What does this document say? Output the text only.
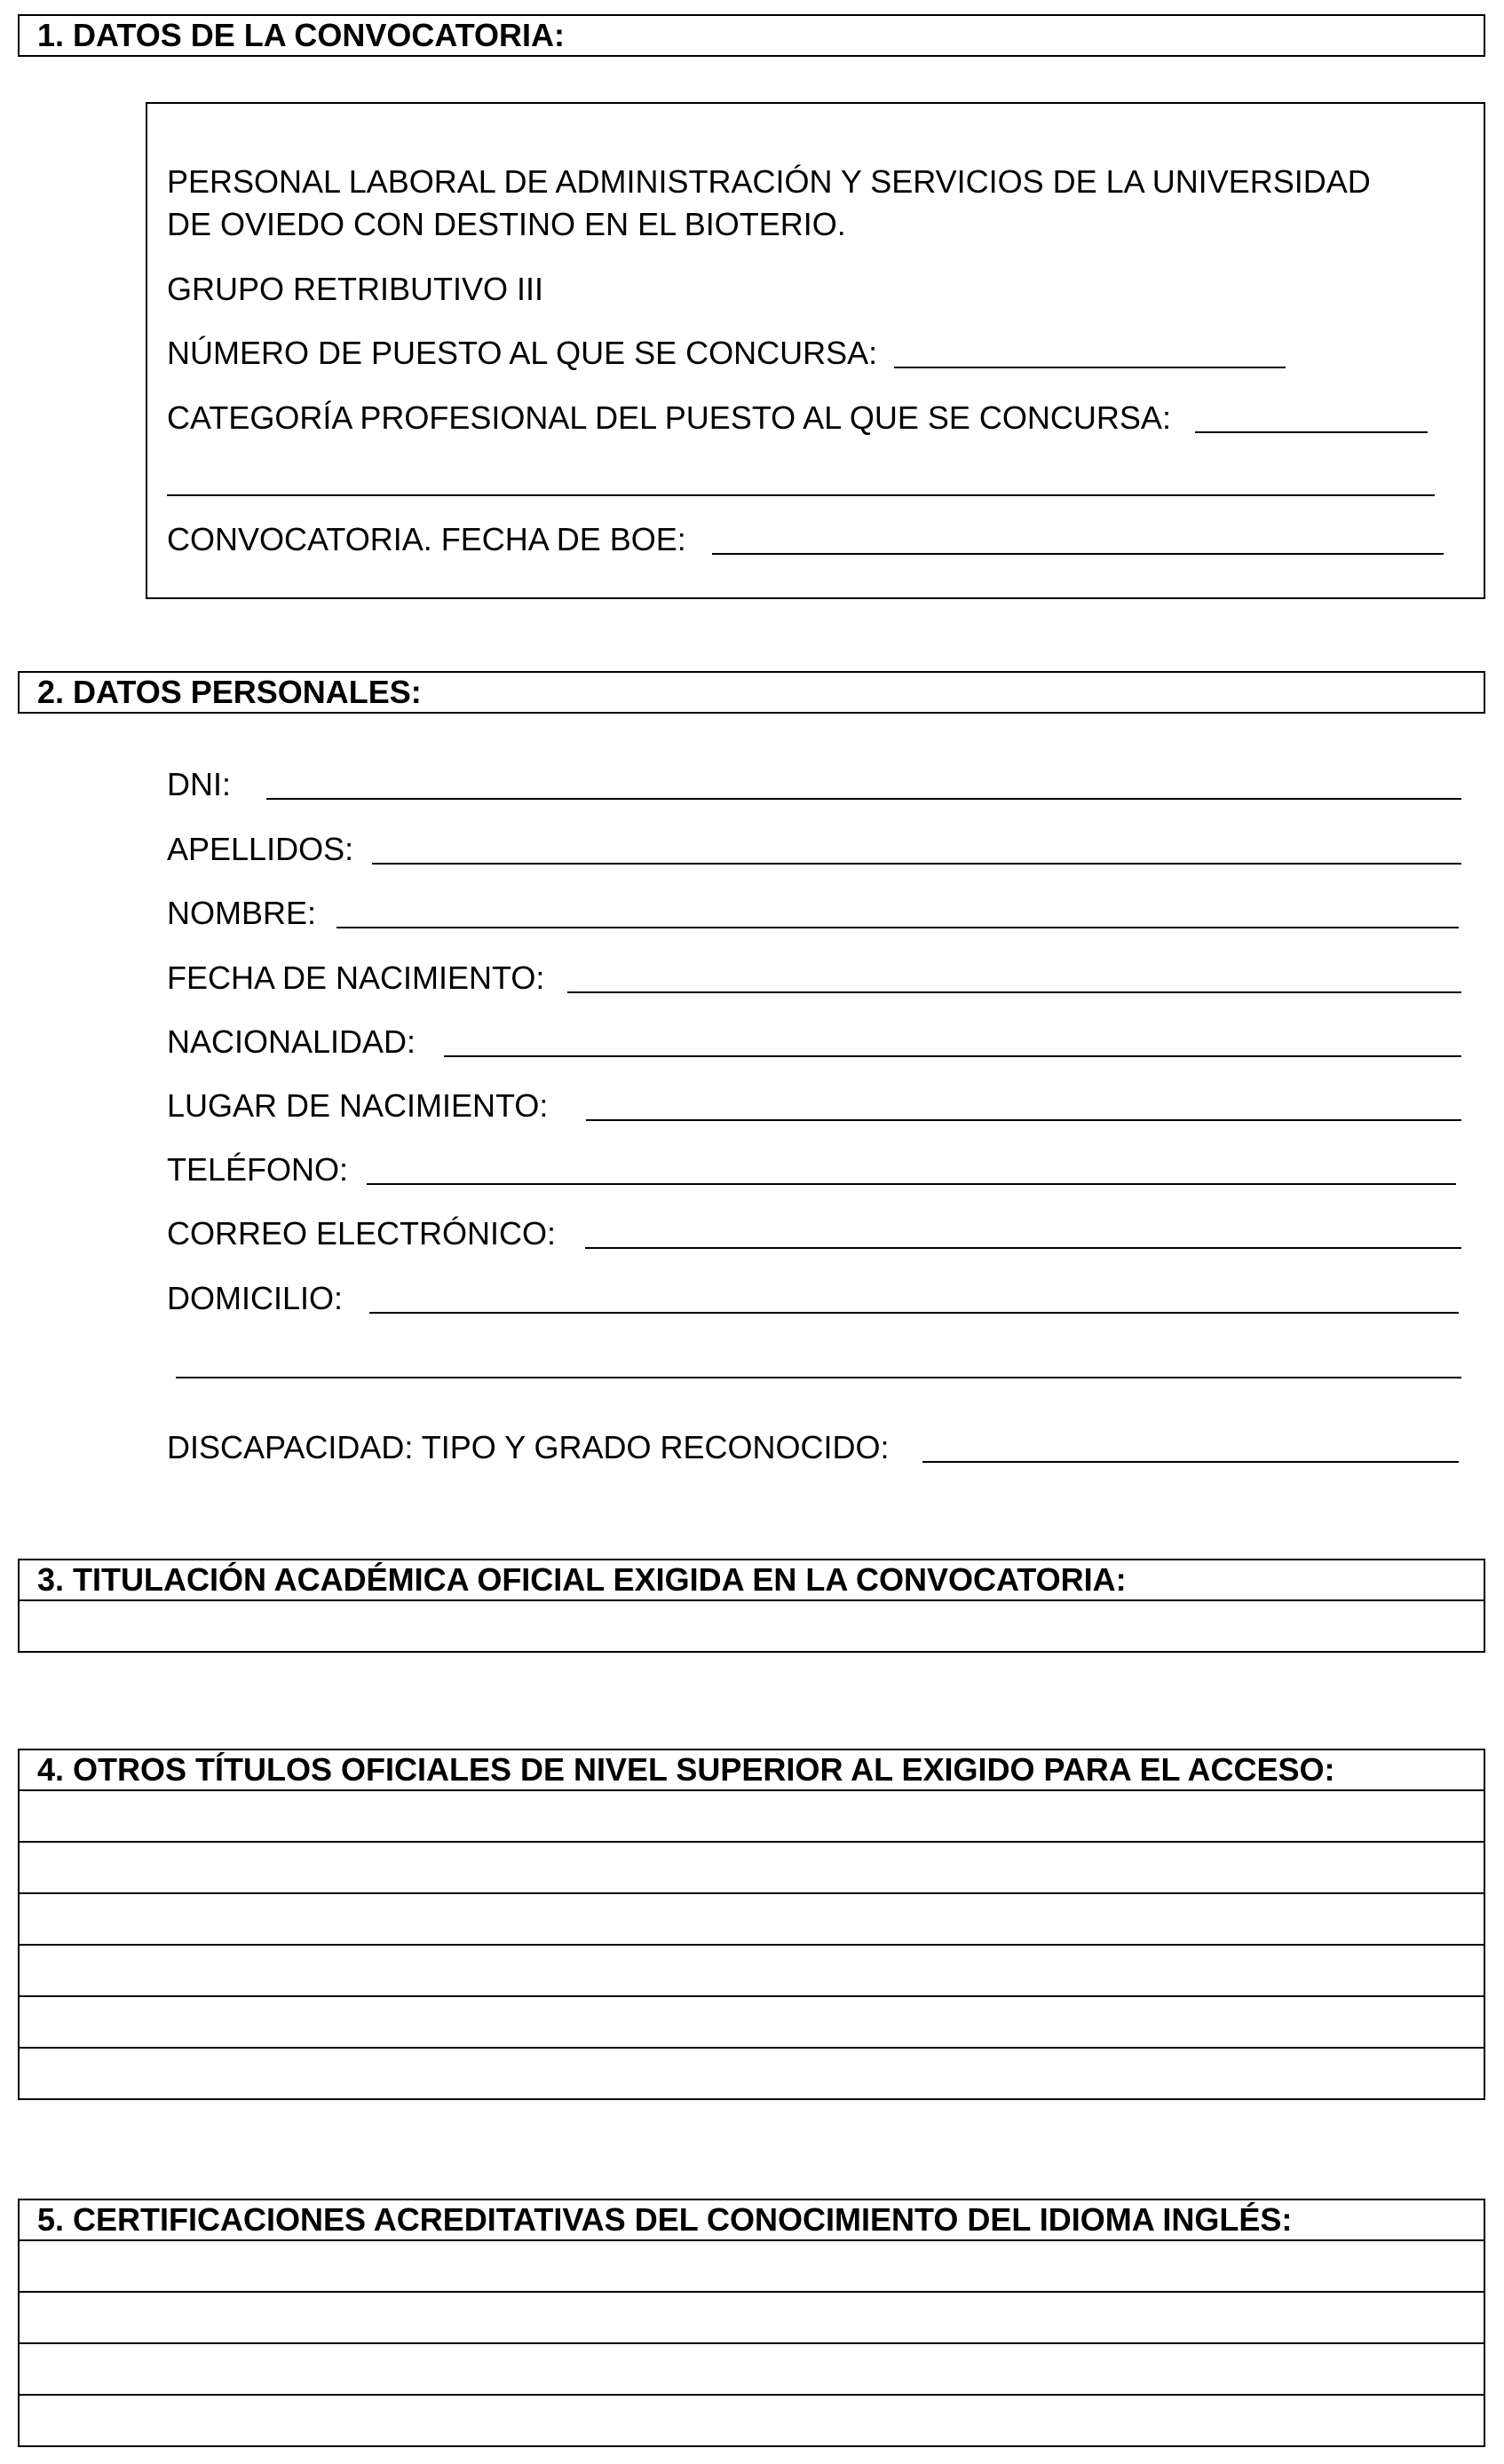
1. DATOS DE LA CONVOCATORIA:
PERSONAL LABORAL DE ADMINISTRACIÓN Y SERVICIOS DE LA UNIVERSIDAD
DE OVIEDO CON DESTINO EN EL BIOTERIO.
GRUPO RETRIBUTIVO III
NÚMERO DE PUESTO AL QUE SE CONCURSA:
CATEGORÍA PROFESIONAL DEL PUESTO AL QUE SE CONCURSA:
CONVOCATORIA. FECHA DE BOE:
2. DATOS PERSONALES:
DNI:
APELLIDOS:
NOMBRE:
FECHA DE NACIMIENTO:
NACIONALIDAD:
LUGAR DE NACIMIENTO:
TELÉFONO:
CORREO ELECTRÓNICO:
DOMICILIO:
DISCAPACIDAD: TIPO Y GRADO RECONOCIDO:
3. TITULACIÓN ACADÉMICA OFICIAL EXIGIDA EN LA CONVOCATORIA:
4. OTROS TÍTULOS OFICIALES DE NIVEL SUPERIOR AL EXIGIDO PARA EL ACCESO:
5. CERTIFICACIONES ACREDITATIVAS DEL CONOCIMIENTO DEL IDIOMA INGLÉS:
